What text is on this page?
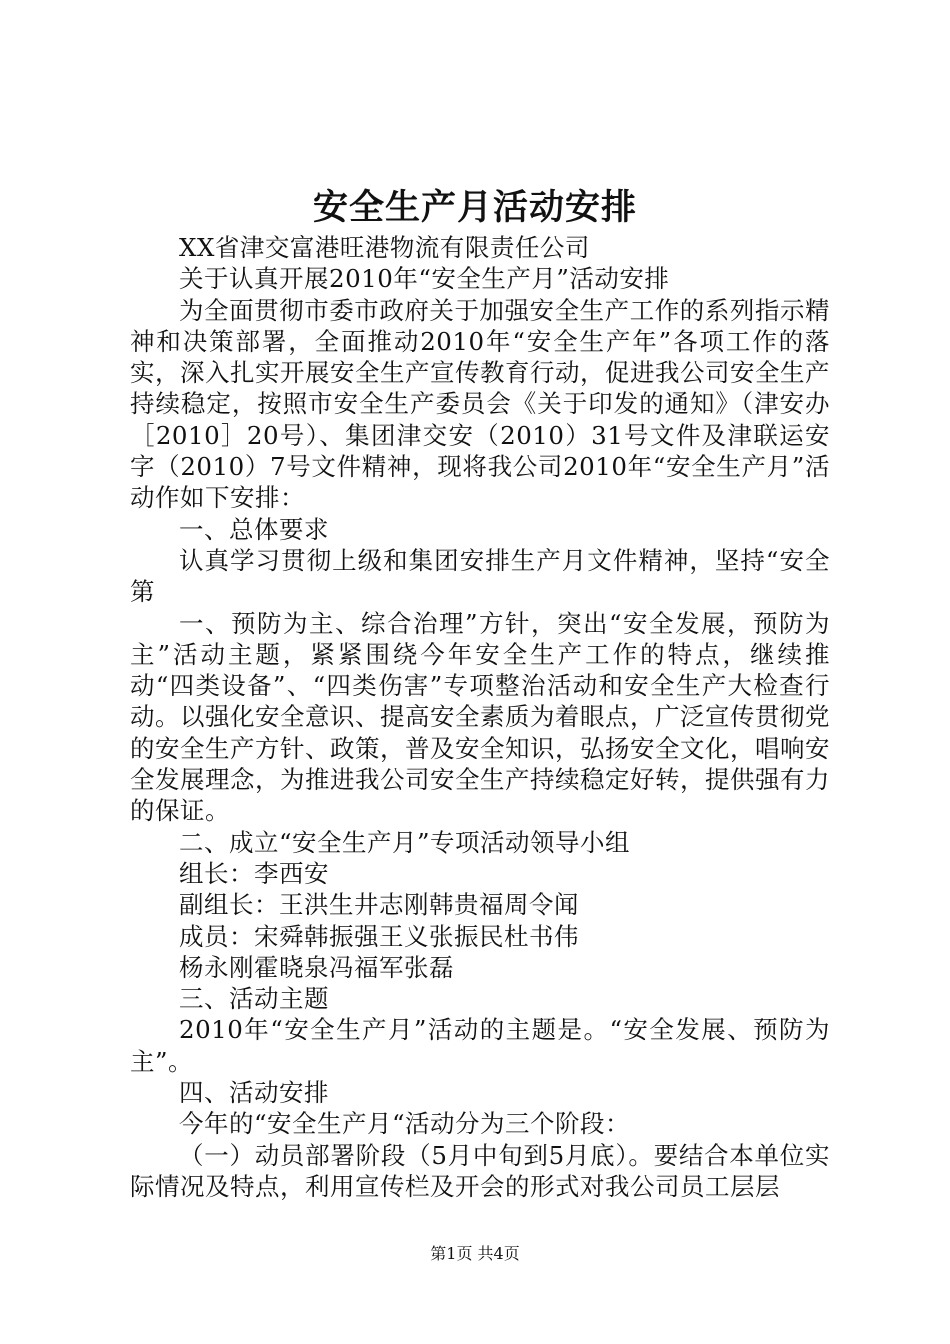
安全生产月活动安排

XX省津交富港旺港物流有限责任公司

关于认真开展2010年“安全生产月”活动安排

为全面贯彻市委市政府关于加强安全生产工作的系列指示精神和决策部署，全面推动2010年“安全生产年”各项工作的落实，深入扎实开展安全生产宣传教育行动，促进我公司安全生产持续稳定，按照市安全生产委员会《关于印发的通知》（津安办［2010］20号）、集团津交安（2010）31号文件及津联运安字（2010）7号文件精神，现将我公司2010年“安全生产月”活动作如下安排：

一、总体要求

认真学习贯彻上级和集团安排生产月文件精神，坚持“安全第

一、预防为主、综合治理”方针，突出“安全发展，预防为主”活动主题，紧紧围绕今年安全生产工作的特点，继续推动“四类设备”、“四类伤害”专项整治活动和安全生产大检查行动。以强化安全意识、提高安全素质为着眼点，广泛宣传贯彻党的安全生产方针、政策，普及安全知识，弘扬安全文化，唱响安全发展理念，为推进我公司安全生产持续稳定好转，提供强有力的保证。

二、成立“安全生产月”专项活动领导小组

组长：李西安

副组长：王洪生井志刚韩贵福周令闻

成员：宋舜韩振强王义张振民杜书伟

杨永刚霍晓泉冯福军张磊

三、活动主题

2010年“安全生产月”活动的主题是。“安全发展、预防为主”。

四、活动安排

今年的“安全生产月“活动分为三个阶段：

（一）动员部署阶段（5月中旬到5月底）。要结合本单位实际情况及特点，利用宣传栏及开会的形式对我公司员工层层

第1页 共4页
